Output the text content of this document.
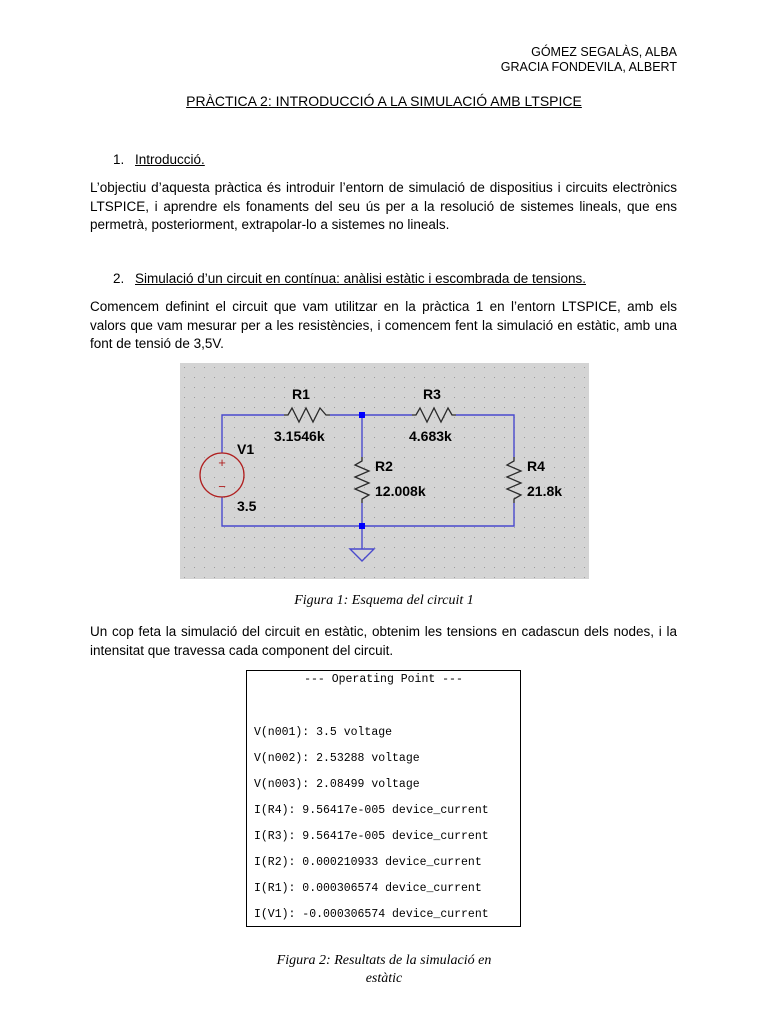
GÓMEZ SEGALÀS, ALBA
GRACIA FONDEVILA, ALBERT
PRÀCTICA 2: INTRODUCCIÓ A LA SIMULACIÓ AMB LTSPICE
1. Introducció.
L’objectiu d’aquesta pràctica és introduir l’entorn de simulació de dispositius i circuits electrònics LTSPICE, i aprendre els fonaments del seu ús per a la resolució de sistemes lineals, que ens permetrà, posteriorment, extrapolar-lo a sistemes no lineals.
2. Simulació d’un circuit en contínua: anàlisi estàtic i escombrada de tensions.
Comencem definint el circuit que vam utilitzar en la pràctica 1 en l’entorn LTSPICE, amb els valors que vam mesurar per a les resistències, i comencem fent la simulació en estàtic, amb una font de tensió de 3,5V.
+
−
R1
3.1546k
R3
4.683k
R2
12.008k
R4
21.8k
V1
3.5
Figura 1: Esquema del circuit 1
Un cop feta la simulació del circuit en estàtic, obtenim les tensions en cadascun dels nodes, i la intensitat que travessa cada component del circuit.
--- Operating Point ---
V(n001): 3.5 voltage
V(n002): 2.53288 voltage
V(n003): 2.08499 voltage
I(R4): 9.56417e-005 device_current
I(R3): 9.56417e-005 device_current
I(R2): 0.000210933 device_current
I(R1): 0.000306574 device_current
I(V1): -0.000306574 device_current
Figura 2: Resultats de la simulació en
estàtic
